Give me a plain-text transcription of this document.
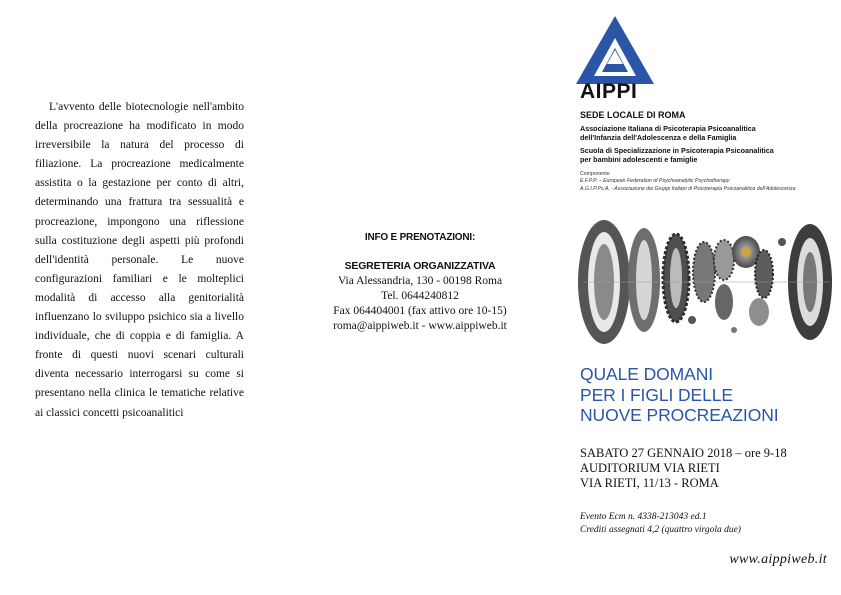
L'avvento delle biotecnologie nell'ambito della procreazione ha modificato in modo irreversibile la natura del processo di filiazione. La procreazione medicalmente assistita o la gestazione per conto di altri, determinando una frattura tra sessualità e procreazione, impongono una riflessione sulla costituzione degli aspetti più profondi dell'identità personale. Le nuove configurazioni familiari e le molteplici modalità di accesso alla genitorialità influenzano lo sviluppo psichico sia a livello individuale, che di coppia e di famiglia. A fronte di questi nuovi scenari culturali diventa necessario interrogarsi su come si presentano nella clinica le tematiche relative ai classici concetti psicoanalitici

INFO E PRENOTAZIONI:
SEGRETERIA ORGANIZZATIVA
Via Alessandria, 130 - 00198 Roma
Tel. 0644240812
Fax 064404001 (fax attivo ore 10-15)
roma@aippiweb.it - www.aippiweb.it
AIPPI
SEDE LOCALE DI ROMA
Associazione Italiana di Psicoterapia Psicoanalitica
dell'Infanzia dell'Adolescenza e della Famiglia
Scuola di Specializzazione in Psicoterapia Psicoanalitica
per bambini adolescenti e famiglie
Componente
E.F.P.P. – European Federation of Psychoanalytic Psychotherapy
A.G.I.P.Ps.A. - Associazione dei Gruppi Italiani di Psicoterapia Psicoanalitica dell'Adolescenza
QUALE DOMANI
PER I FIGLI DELLE
NUOVE PROCREAZIONI
SABATO 27 GENNAIO 2018 – ore 9-18
AUDITORIUM VIA RIETI
VIA RIETI, 11/13 - ROMA
Evento Ecm n. 4338-213043 ed.1
Crediti assegnati 4,2 (quattro virgola due)
www.aippiweb.it
